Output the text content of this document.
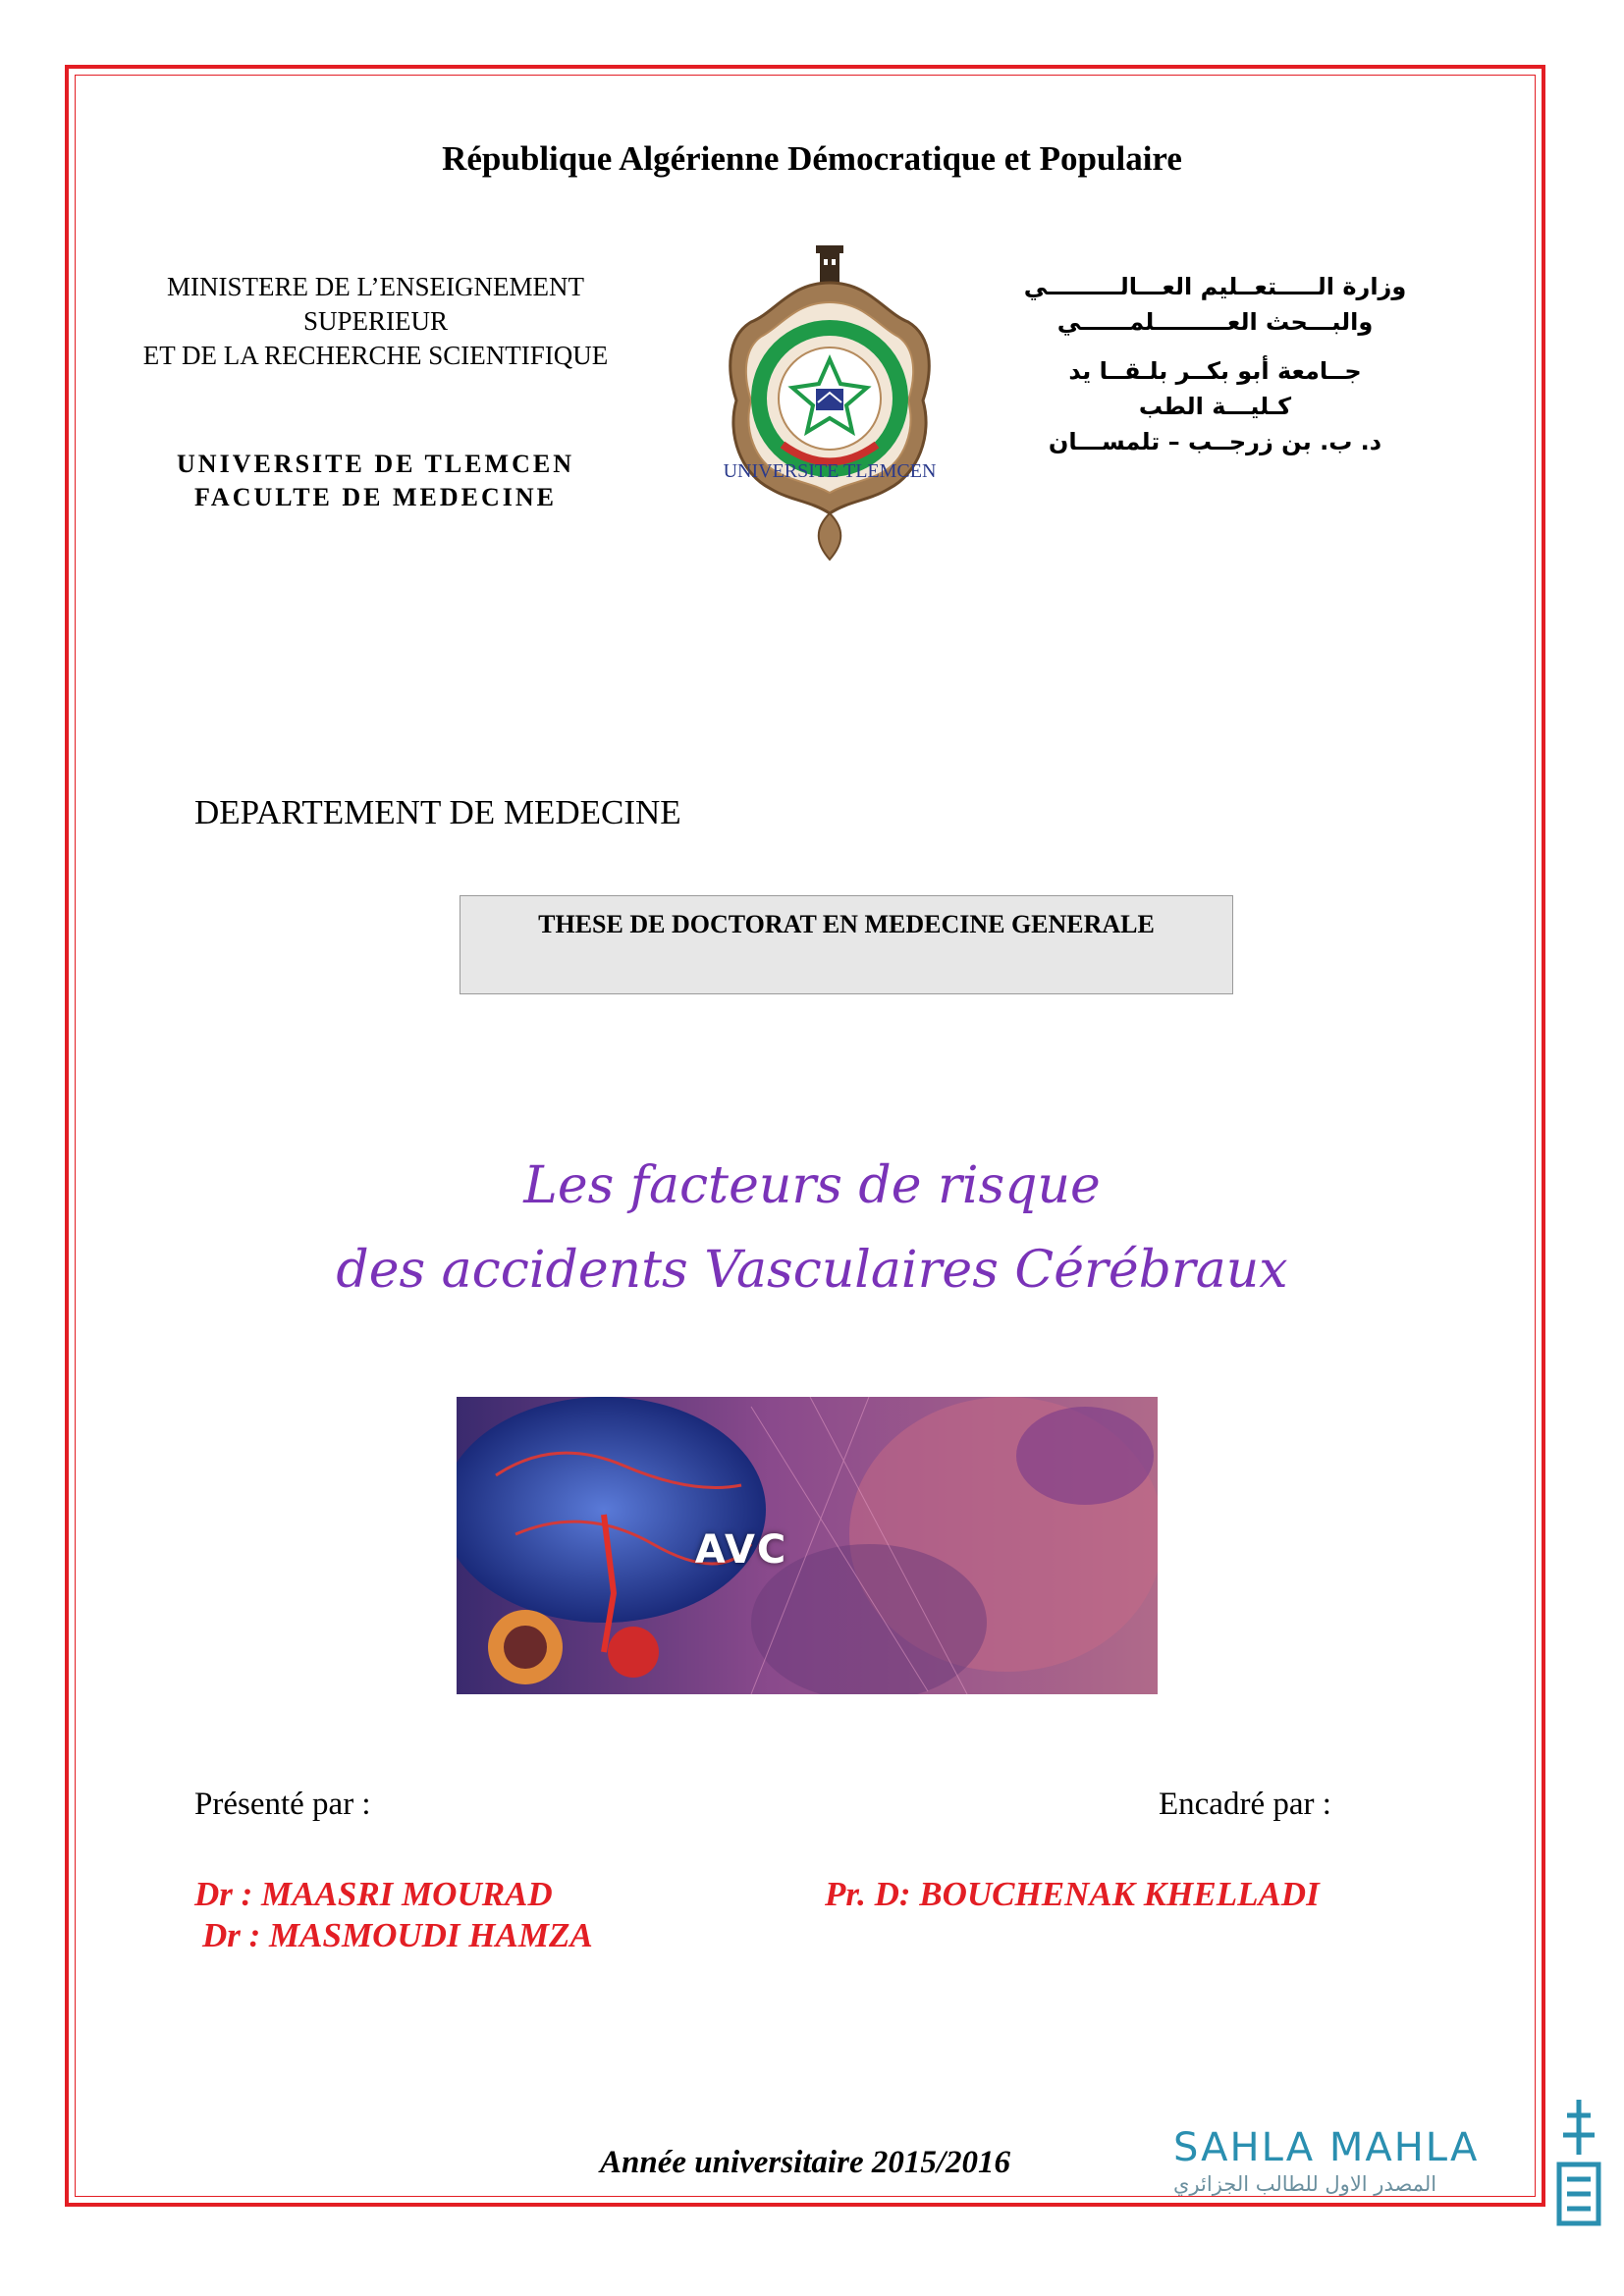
République Algérienne Démocratique et Populaire
MINISTERE DE L’ENSEIGNEMENT
SUPERIEUR
ET DE LA RECHERCHE SCIENTIFIQUE
UNIVERSITE DE TLEMCEN
FACULTE DE MEDECINE
UNIVERSITE TLEMCEN
وزارة الـــــتعــليم العـــالـــــــــي
والبـــحث العـــــــــلمــــــي
جــامعة أبو بكــر بلـقــا يد
كـليـــة الطب
د. ب. بن زرجــب – تلمســـان
DEPARTEMENT DE MEDECINE
THESE DE DOCTORAT EN MEDECINE GENERALE
Les facteurs de risque
des accidents Vasculaires Cérébraux
AVC
Présenté par :	Encadré par :
Dr : MAASRI MOURAD
Dr : MASMOUDI HAMZA
Pr. D: BOUCHENAK KHELLADI
Année universitaire 2015/2016	SAHLA MAHLA
المصدر الاول للطالب الجزائري
